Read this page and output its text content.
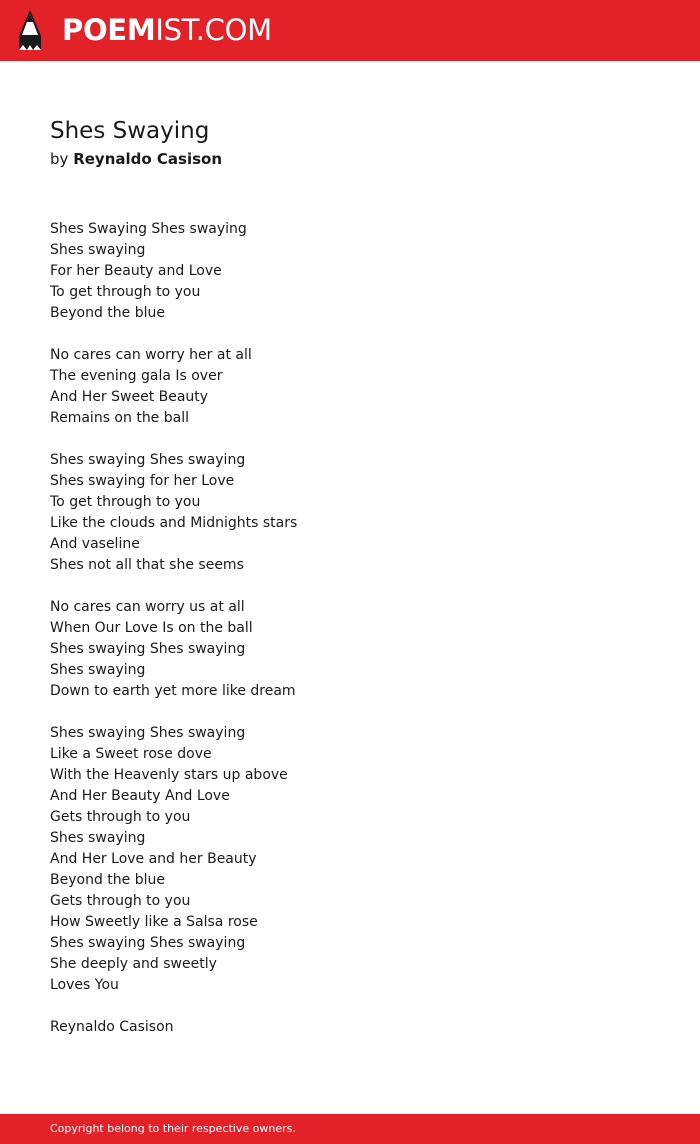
POEMIST.COM
Shes Swaying
by Reynaldo Casison
Shes Swaying Shes swaying
Shes swaying
For her Beauty and Love
To get through to you
Beyond the blue
No cares can worry her at all
The evening gala Is over
And Her Sweet Beauty
Remains on the ball
Shes swaying Shes swaying
Shes swaying for her Love
To get through to you
Like the clouds and Midnights stars
And vaseline
Shes not all that she seems
No cares can worry us at all
When Our Love Is on the ball
Shes swaying Shes swaying
Shes swaying
Down to earth yet more like dream
Shes swaying Shes swaying
Like a Sweet rose dove
With the Heavenly stars up above
And Her Beauty And Love
Gets through to you
Shes swaying
And Her Love and her Beauty
Beyond the blue
Gets through to you
How Sweetly like a Salsa rose
Shes swaying Shes swaying
She deeply and sweetly
Loves You
Reynaldo Casison
Copyright belong to their respective owners.
